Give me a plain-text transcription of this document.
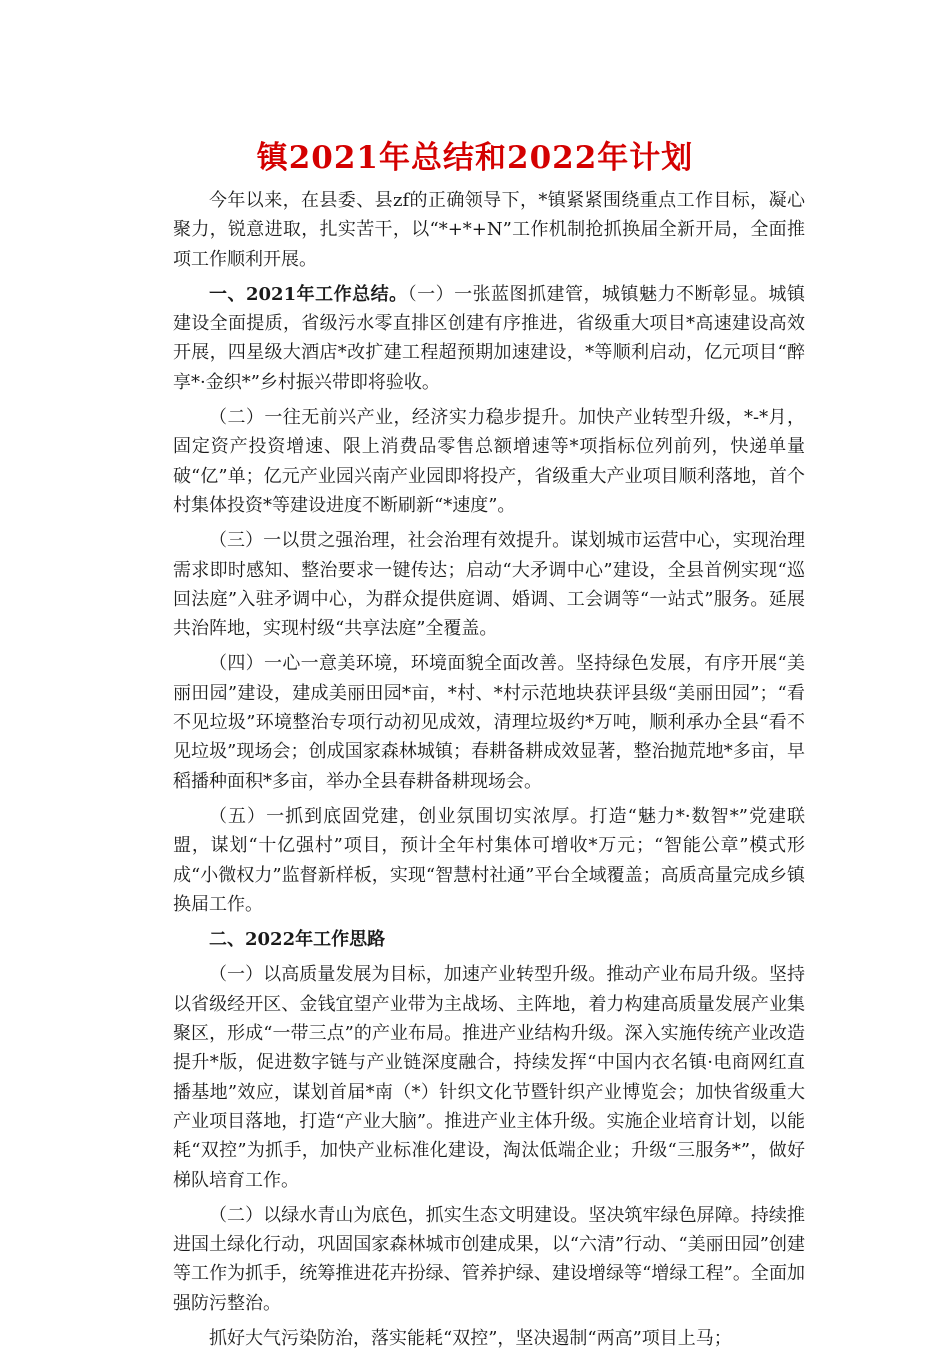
镇2021年总结和2022年计划

今年以来，在县委、县zf的正确领导下，*镇紧紧围绕重点工作目标，凝心聚力，锐意进取，扎实苦干，以“*+*+N”工作机制抢抓换届全新开局，全面推项工作顺利开展。

一、2021年工作总结。（一）一张蓝图抓建管，城镇魅力不断彰显。城镇建设全面提质，省级污水零直排区创建有序推进，省级重大项目*高速建设高效开展，四星级大酒店*改扩建工程超预期加速建设，*等顺利启动，亿元项目“醉享*·金织*”乡村振兴带即将验收。

（二）一往无前兴产业，经济实力稳步提升。加快产业转型升级，*-*月，固定资产投资增速、限上消费品零售总额增速等*项指标位列前列，快递单量破“亿”单；亿元产业园兴南产业园即将投产，省级重大产业项目顺利落地，首个村集体投资*等建设进度不断刷新“*速度”。

（三）一以贯之强治理，社会治理有效提升。谋划城市运营中心，实现治理需求即时感知、整治要求一键传达；启动“大矛调中心”建设，全县首例实现“巡回法庭”入驻矛调中心，为群众提供庭调、婚调、工会调等“一站式”服务。延展共治阵地，实现村级“共享法庭”全覆盖。

（四）一心一意美环境，环境面貌全面改善。坚持绿色发展，有序开展“美丽田园”建设，建成美丽田园*亩，*村、*村示范地块获评县级“美丽田园”；“看不见垃圾”环境整治专项行动初见成效，清理垃圾约*万吨，顺利承办全县“看不见垃圾”现场会；创成国家森林城镇；春耕备耕成效显著，整治抛荒地*多亩，早稻播种面积*多亩，举办全县春耕备耕现场会。

（五）一抓到底固党建，创业氛围切实浓厚。打造“魅力*·数智*”党建联盟，谋划“十亿强村”项目，预计全年村集体可增收*万元；“智能公章”模式形成“小微权力”监督新样板，实现“智慧村社通”平台全域覆盖；高质高量完成乡镇换届工作。

二、2022年工作思路

（一）以高质量发展为目标，加速产业转型升级。推动产业布局升级。坚持以省级经开区、金钱宜望产业带为主战场、主阵地，着力构建高质量发展产业集聚区，形成“一带三点”的产业布局。推进产业结构升级。深入实施传统产业改造提升*版，促进数字链与产业链深度融合，持续发挥“中国内衣名镇·电商网红直播基地”效应，谋划首届*南（*）针织文化节暨针织产业博览会；加快省级重大产业项目落地，打造“产业大脑”。推进产业主体升级。实施企业培育计划，以能耗“双控”为抓手，加快产业标准化建设，淘汰低端企业；升级“三服务*”，做好梯队培育工作。

（二）以绿水青山为底色，抓实生态文明建设。坚决筑牢绿色屏障。持续推进国土绿化行动，巩固国家森林城市创建成果，以“六清”行动、“美丽田园”创建等工作为抓手，统筹推进花卉扮绿、管养护绿、建设增绿等“增绿工程”。全面加强防污整治。

抓好大气污染防治，落实能耗“双控”，坚决遏制“两高”项目上马；
